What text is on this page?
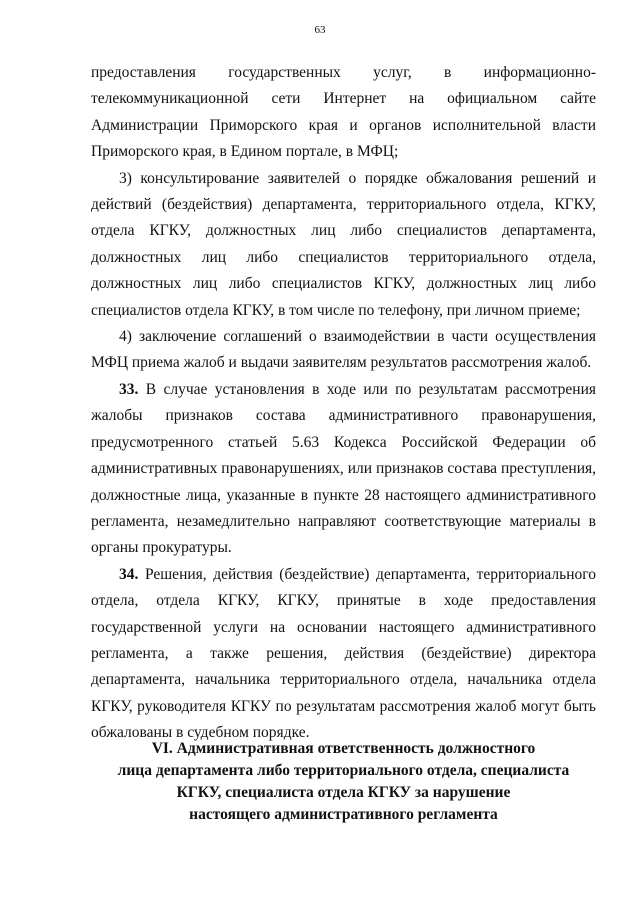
63

предоставления государственных услуг, в информационно-телекоммуникационной сети Интернет на официальном сайте Администрации Приморского края и органов исполнительной власти Приморского края, в Едином портале, в МФЦ;

3) консультирование заявителей о порядке обжалования решений и действий (бездействия) департамента, территориального отдела, КГКУ, отдела КГКУ, должностных лиц либо специалистов департамента, должностных лиц либо специалистов территориального отдела, должностных лиц либо специалистов КГКУ, должностных лиц либо специалистов отдела КГКУ, в том числе по телефону, при личном приеме;

4) заключение соглашений о взаимодействии в части осуществления МФЦ приема жалоб и выдачи заявителям результатов рассмотрения жалоб.

33. В случае установления в ходе или по результатам рассмотрения жалобы признаков состава административного правонарушения, предусмотренного статьей 5.63 Кодекса Российской Федерации об административных правонарушениях, или признаков состава преступления, должностные лица, указанные в пункте 28 настоящего административного регламента, незамедлительно направляют соответствующие материалы в органы прокуратуры.

34. Решения, действия (бездействие) департамента, территориального отдела, отдела КГКУ, КГКУ, принятые в ходе предоставления государственной услуги на основании настоящего административного регламента, а также решения, действия (бездействие) директора департамента, начальника территориального отдела, начальника отдела КГКУ, руководителя КГКУ по результатам рассмотрения жалоб могут быть обжалованы в судебном порядке.

VI. Административная ответственность должностного
лица департамента либо территориального отдела, специалиста
КГКУ, специалиста отдела КГКУ за нарушение
настоящего административного регламента
